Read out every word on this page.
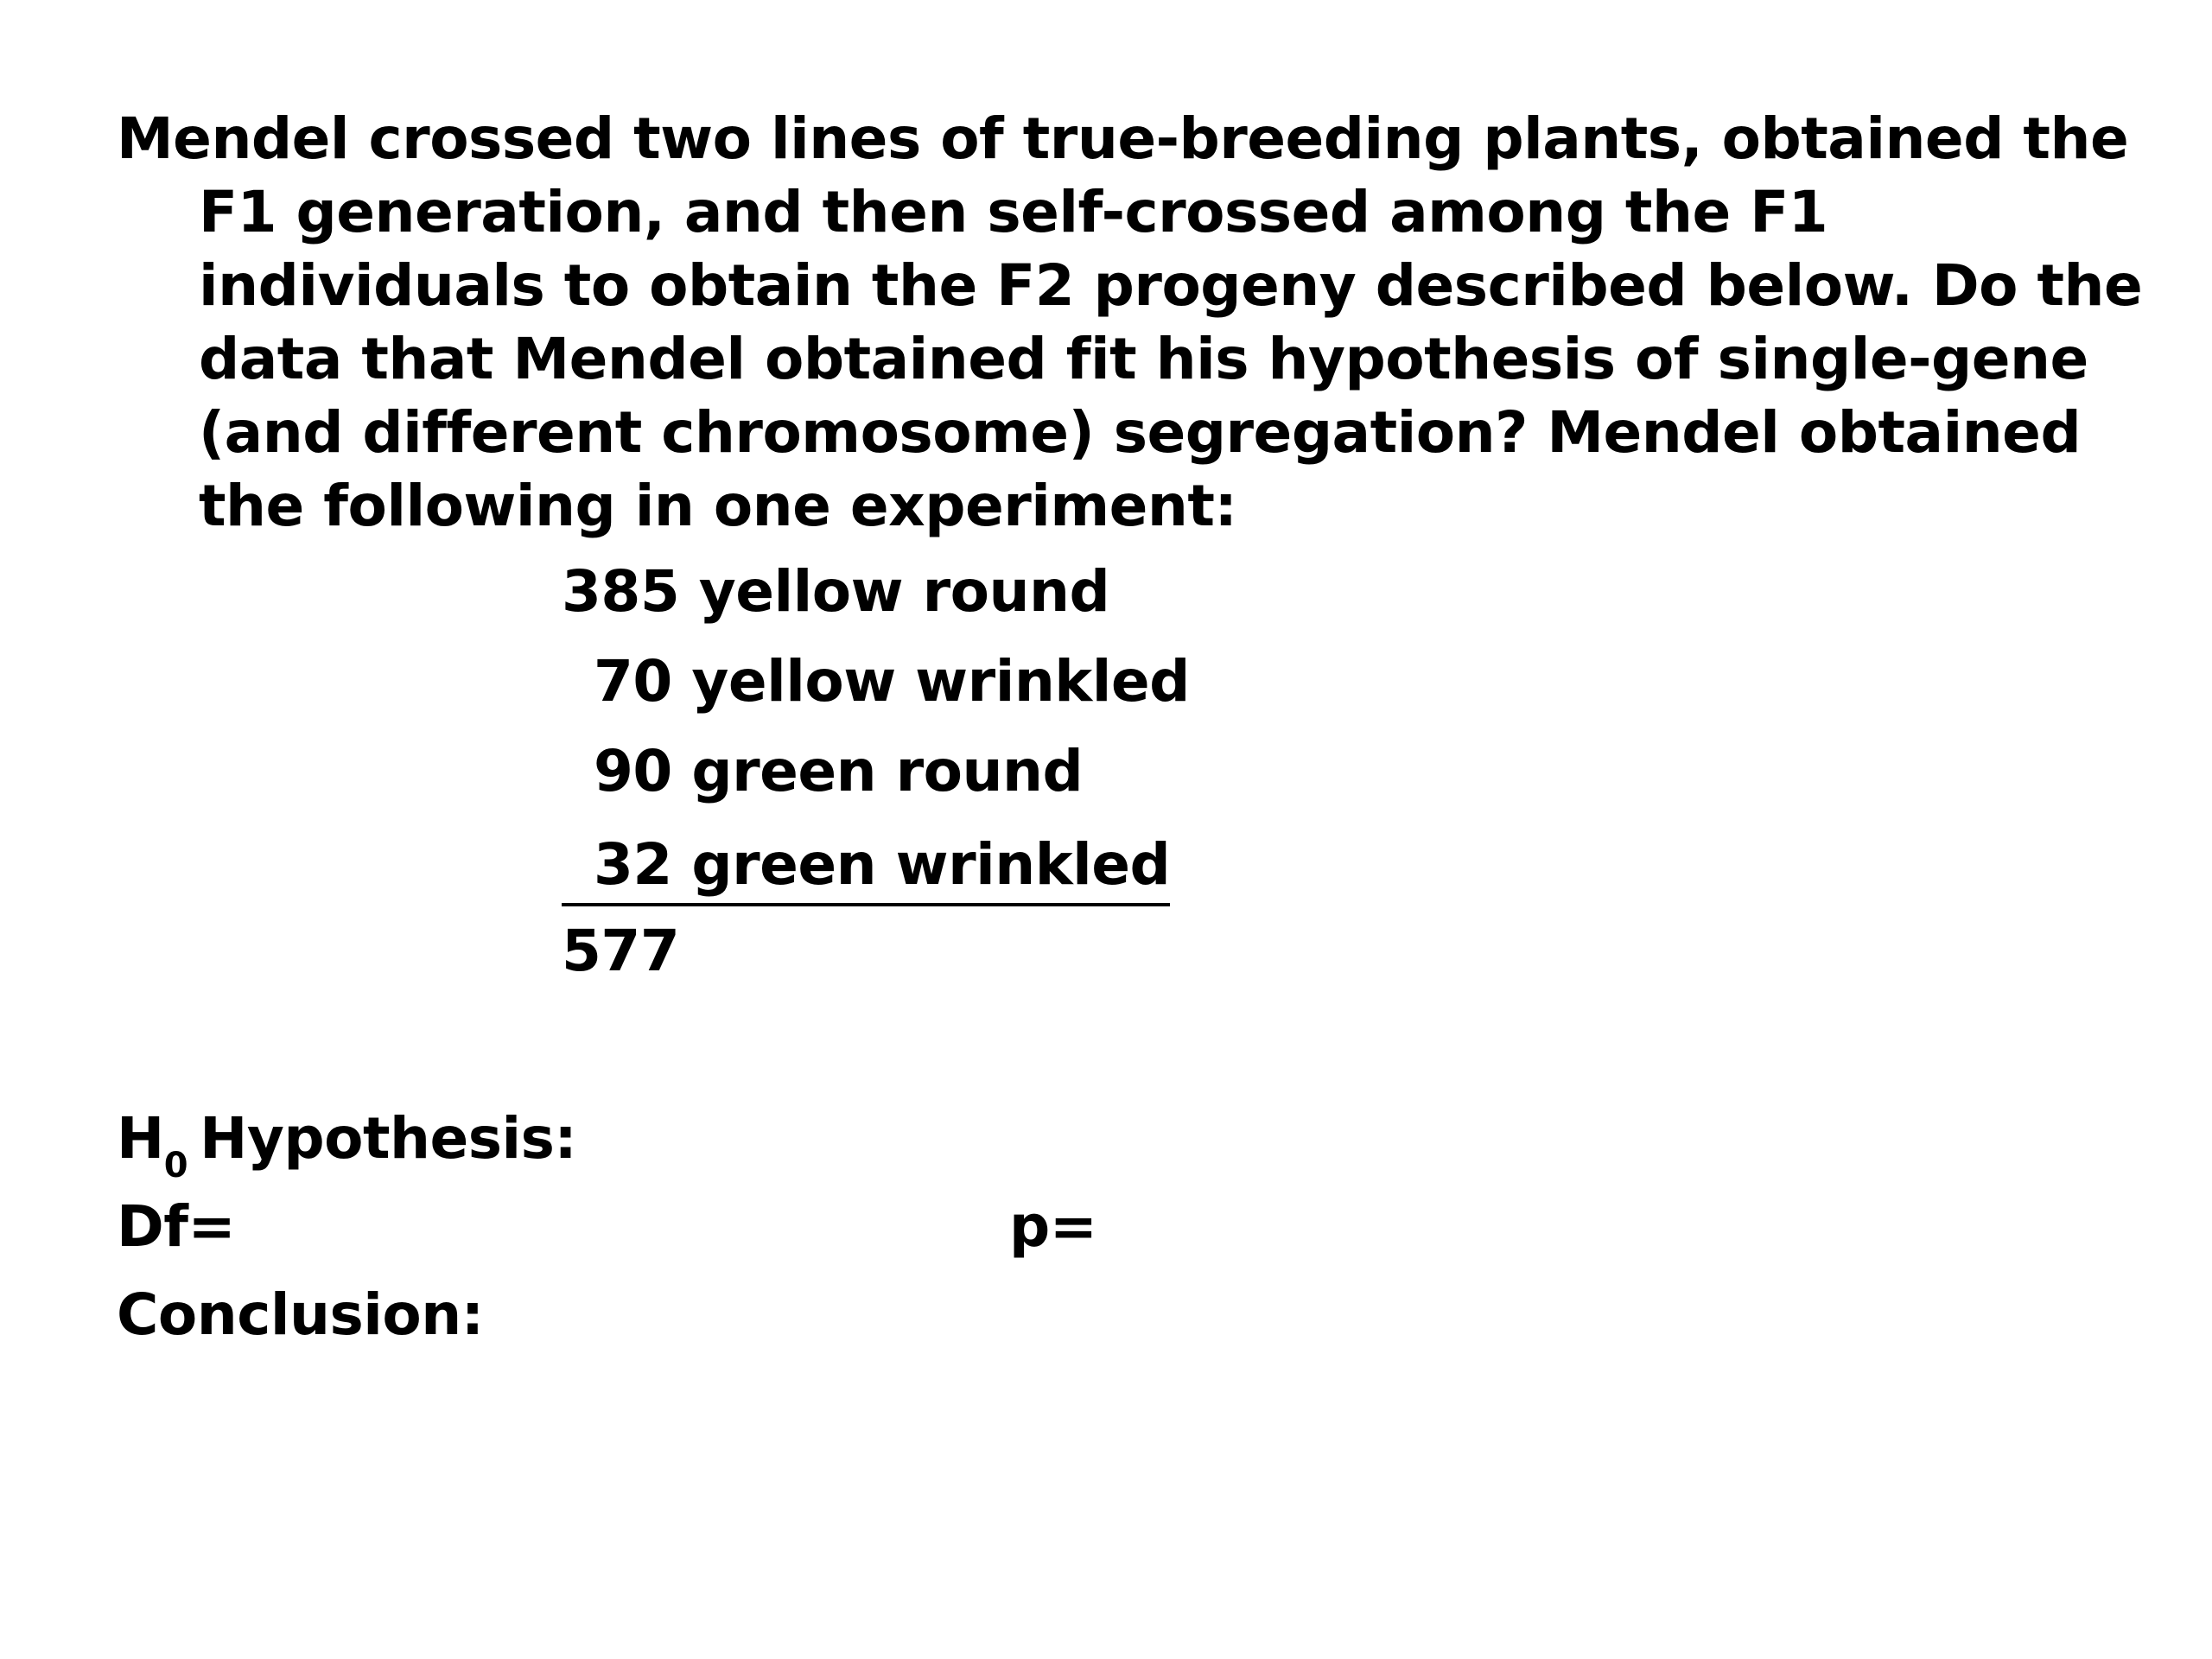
Mendel crossed two lines of true-breeding plants, obtained the F1 generation, and then self-crossed among the F1 individuals to obtain the F2 progeny described below. Do the data that Mendel obtained fit his hypothesis of single-gene (and different chromosome) segregation? Mendel obtained the following in one experiment:
385 yellow round
70 yellow wrinkled
90 green round
32 green wrinkled
577
$H_0$ Hypothesis:
Df=	p=
Conclusion:
